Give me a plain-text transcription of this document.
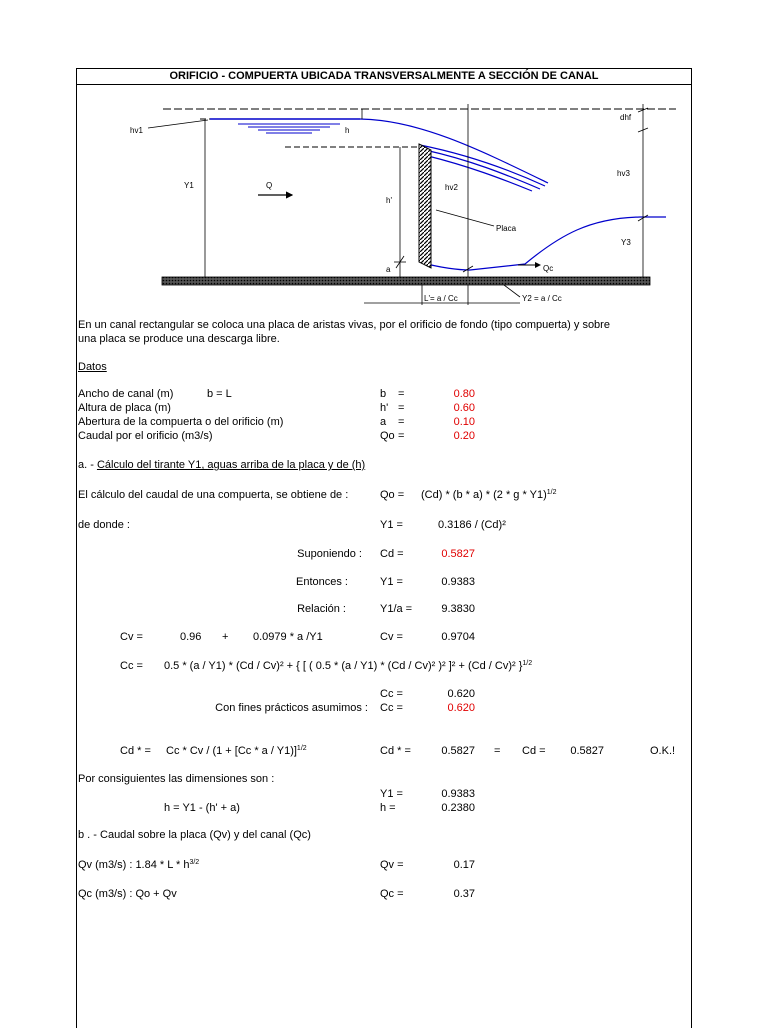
ORIFICIO - COMPUERTA UBICADA TRANSVERSALMENTE A SECCIÓN DE CANAL
hv1	h
Y1	Q
h'
hv2
Placa
a	Qc
dhf
hv3
Y3
L'= a / Cc	Y2 = a / Cc
En un canal rectangular se coloca una placa de aristas vivas, por el orificio de fondo (tipo compuerta) y sobre
una placa se produce una descarga libre.
Datos
Ancho de canal (m)	b = L	b =	0.80
Altura de placa (m)	h' =	0.60
Abertura de la compuerta o del orificio (m)	a =	0.10
Caudal por el orificio (m3/s)	Qo =	0.20
a. - Cálculo del tirante Y1, aguas arriba de la placa y de (h)
El cálculo del caudal de una compuerta, se obtiene de :	Qo = (Cd) * (b * a) * (2 * g * Y1)$^{1/2}$
de donde :	Y1 =	0.3186 / (Cd)²
Suponiendo : Cd =	0.5827
Entonces :	Y1 =	0.9383
Relación :	Y1/a =	9.3830
Cv =	0.96 + 0.0979 * a /Y1	Cv =	0.9704
Cc = 0.5 * (a / Y1) * (Cd / Cv)² + { [ ( 0.5 * (a / Y1) * (Cd / Cv)² )² ]² + (Cd / Cv)² }$^{1/2}$
Cc =	0.620
Con fines prácticos asumimos : Cc =	0.620
Cd * = Cc * Cv / (1 + [Cc * a / Y1)]$^{1/2}$	Cd * =	0.5827 = Cd =	0.5827	O.K.!
Por consiguientes las dimensiones son :
Y1 =	0.9383
h = Y1 - (h' + a)	h =	0.2380
b . - Caudal sobre la placa (Qv) y del canal (Qc)
Qv (m3/s) : 1.84 * L * $h^{3/2}$	Qv =	0.17
Qc (m3/s) : Qo + Qv	Qc =	0.37
